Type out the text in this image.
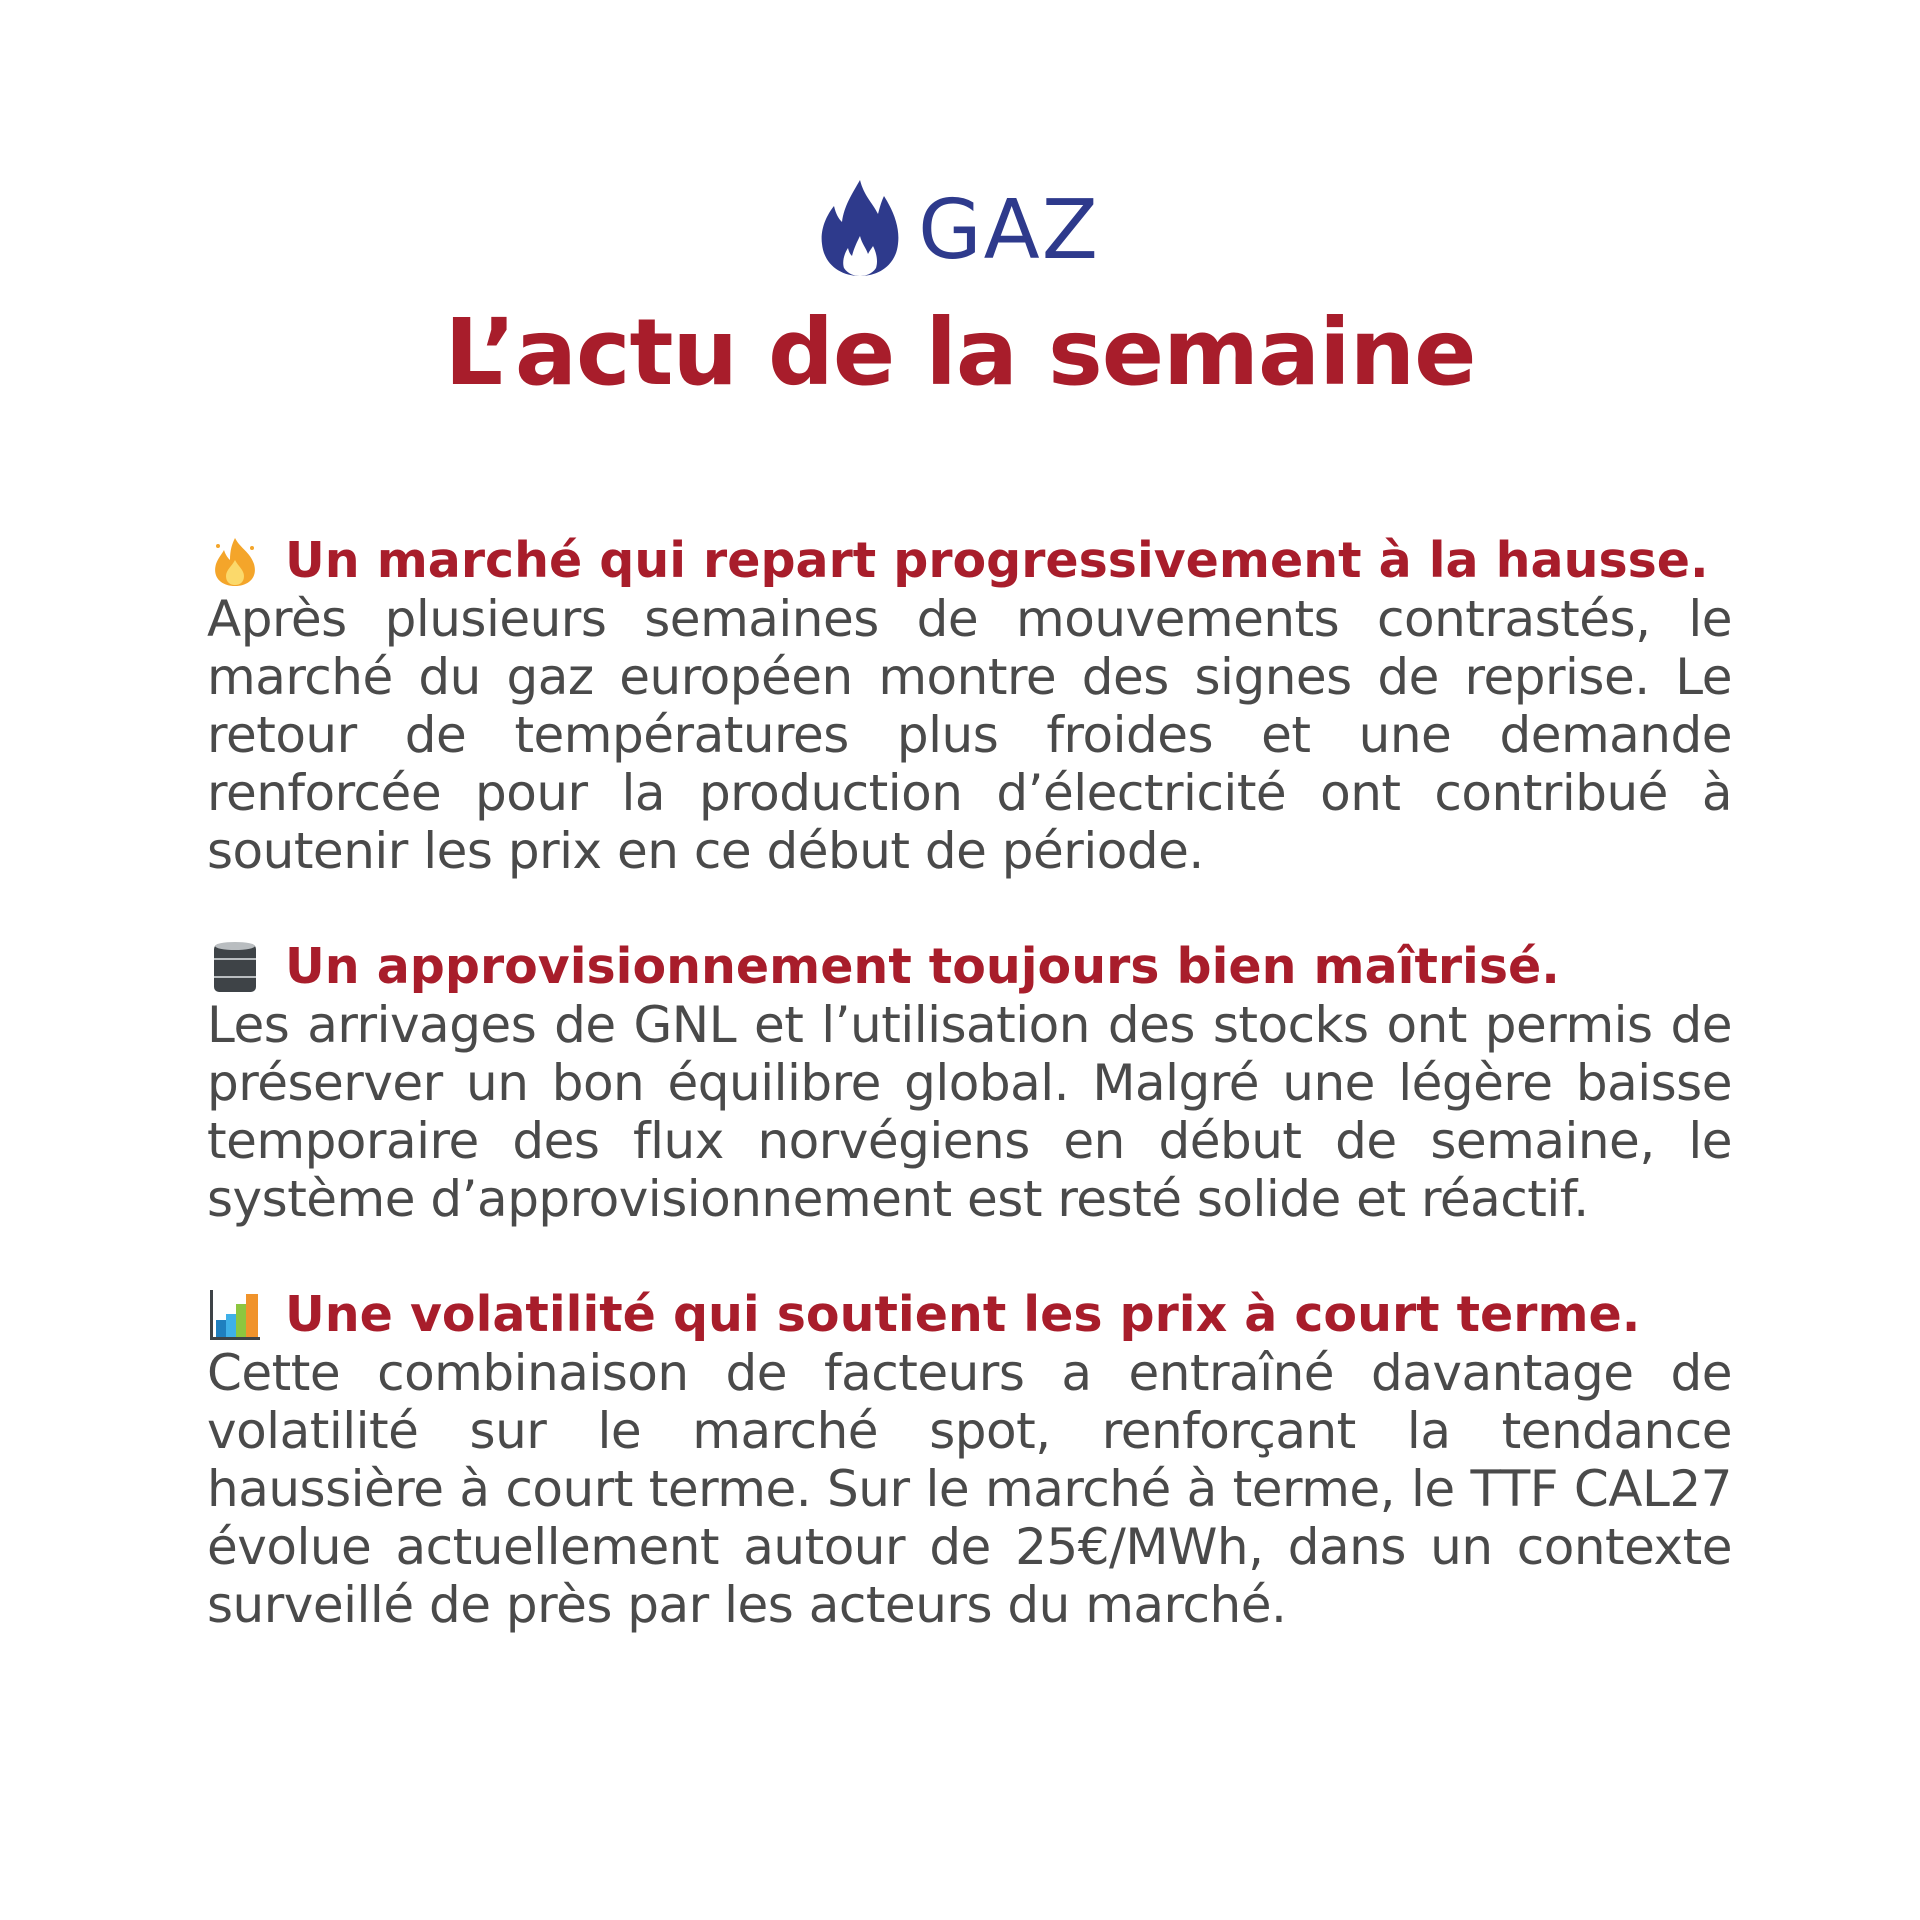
GAZ
L’actu de la semaine
Un marché qui repart progressivement à la hausse.
Après plusieurs semaines de mouvements contrastés, le marché du gaz européen montre des signes de reprise. Le retour de températures plus froides et une demande renforcée pour la production d’électricité ont contribué à soutenir les prix en ce début de période.
Un approvisionnement toujours bien maîtrisé.
Les arrivages de GNL et l’utilisation des stocks ont permis de préserver un bon équilibre global. Malgré une légère baisse temporaire des flux norvégiens en début de semaine, le système d’approvisionnement est resté solide et réactif.
Une volatilité qui soutient les prix à court terme.
Cette combinaison de facteurs a entraîné davantage de volatilité sur le marché spot, renforçant la tendance haussière à court terme. Sur le marché à terme, le TTF CAL27 évolue actuellement autour de 25€/MWh, dans un contexte surveillé de près par les acteurs du marché.
